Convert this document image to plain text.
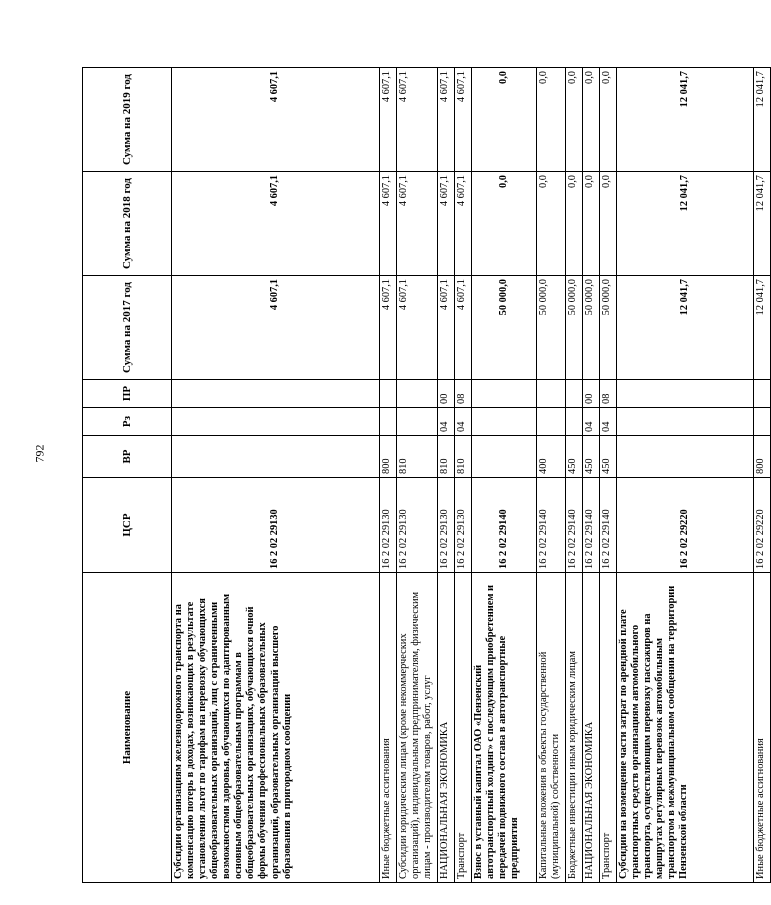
792
Наименование	ЦСР	ВР	Рз	ПР	Сумма на 2017 год	Сумма на 2018 год	Сумма на 2019 год
Субсидии организациям железнодорожного транспорта на компенсацию потерь в доходах, возникающих в результате установления льгот по тарифам на перевозку обучающихся общеобразовательных организаций, лиц с ограниченными возможностями здоровья, обучающихся по адаптированным основным общеобразовательным программам в общеобразовательных организациях, обучающихся очной формы обучения профессиональных образовательных организаций, образовательных организаций высшего образования в пригородном сообщении	16 2 02 29130				4 607,1	4 607,1	4 607,1
Иные бюджетные ассигнования	16 2 02 29130	800			4 607,1	4 607,1	4 607,1
Субсидии юридическим лицам (кроме некоммерческих организаций), индивидуальным предпринимателям, физическим лицам - производителям товаров, работ, услуг	16 2 02 29130	810			4 607,1	4 607,1	4 607,1
НАЦИОНАЛЬНАЯ ЭКОНОМИКА	16 2 02 29130	810	04	00	4 607,1	4 607,1	4 607,1
Транспорт	16 2 02 29130	810	04	08	4 607,1	4 607,1	4 607,1
Взнос в уставный капитал ОАО «Пензенский автотранспортный холдинг» с последующим приобретением и передачей подвижного состава в автотранспортные предприятия	16 2 02 29140				50 000,0	0,0	0,0
Капитальные вложения в объекты государственной (муниципальной) собственности	16 2 02 29140	400			50 000,0	0,0	0,0
Бюджетные инвестиции иным юридическим лицам	16 2 02 29140	450			50 000,0	0,0	0,0
НАЦИОНАЛЬНАЯ ЭКОНОМИКА	16 2 02 29140	450	04	00	50 000,0	0,0	0,0
Транспорт	16 2 02 29140	450	04	08	50 000,0	0,0	0,0
Субсидии на возмещение части затрат по арендной плате транспортных средств организациям автомобильного транспорта, осуществляющим перевозку пассажиров на маршрутах регулярных перевозок автомобильным транспортом в межмуниципальном сообщении на территории Пензенской области	16 2 02 29220				12 041,7	12 041,7	12 041,7
Иные бюджетные ассигнования	16 2 02 29220	800			12 041,7	12 041,7	12 041,7
